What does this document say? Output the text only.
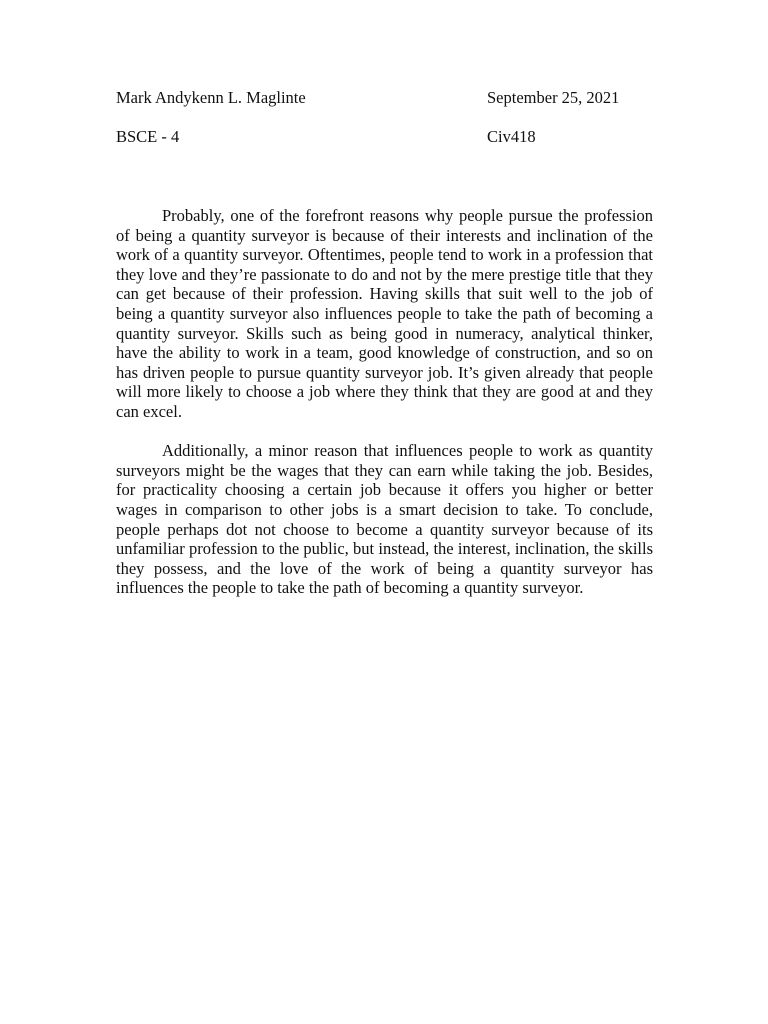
Mark Andykenn L. Maglinte	September 25, 2021
BSCE - 4	Civ418

Probably, one of the forefront reasons why people pursue the profession of being a quantity surveyor is because of their interests and inclination of the work of a quantity surveyor. Oftentimes, people tend to work in a profession that they love and they’re passionate to do and not by the mere prestige title that they can get because of their profession. Having skills that suit well to the job of being a quantity surveyor also influences people to take the path of becoming a quantity surveyor. Skills such as being good in numeracy, analytical thinker, have the ability to work in a team, good knowledge of construction, and so on has driven people to pursue quantity surveyor job. It’s given already that people will more likely to choose a job where they think that they are good at and they can excel.

Additionally, a minor reason that influences people to work as quantity surveyors might be the wages that they can earn while taking the job. Besides, for practicality choosing a certain job because it offers you higher or better wages in comparison to other jobs is a smart decision to take. To conclude, people perhaps dot not choose to become a quantity surveyor because of its unfamiliar profession to the public, but instead, the interest, inclination, the skills they possess, and the love of the work of being a quantity surveyor has influences the people to take the path of becoming a quantity surveyor.
